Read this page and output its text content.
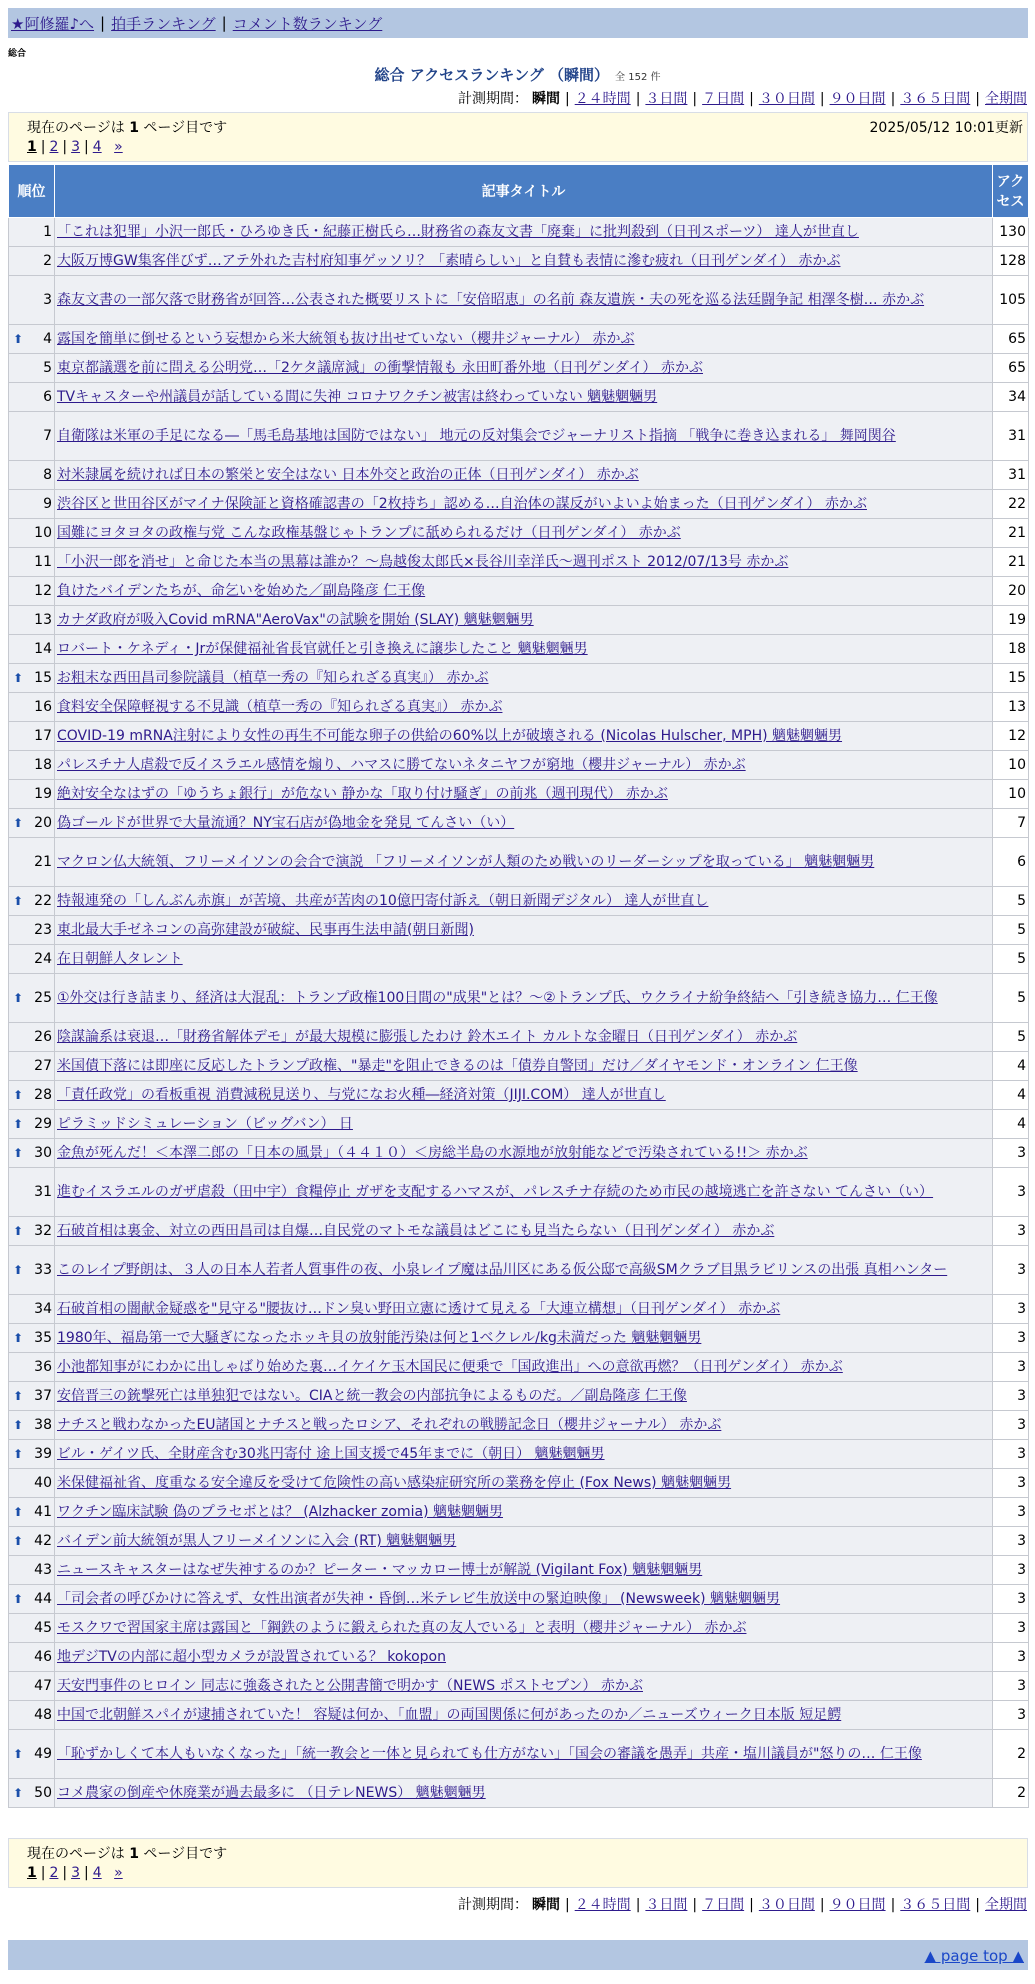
★阿修羅♪へ | 拍手ランキング | コメント数ランキング
総合
総合 アクセスランキング （瞬間） 全 152 件
計測期間： 瞬間 | ２４時間 | ３日間 | ７日間 | ３０日間 | ９０日間 | ３６５日間 | 全期間
現在のページは 1 ページ目です	2025/05/12 10:01更新
1 | 2 | 3 | 4 »
順位	記事タイトル	アクセス
1	「これは犯罪」小沢一郎氏・ひろゆき氏・紀藤正樹氏ら…財務省の森友文書「廃棄」に批判殺到（日刊スポーツ） 達人が世直し	130
2	大阪万博GW集客伴びず…アテ外れた吉村府知事ゲッソリ？「素晴らしい」と自賛も表情に滲む疲れ（日刊ゲンダイ） 赤かぶ	128
3	森友文書の一部欠落で財務省が回答…公表された概要リストに「安倍昭恵」の名前 森友遺族・夫の死を巡る法廷闘争記 相澤冬樹… 赤かぶ	105

⬆ 4	露国を簡単に倒せるという妄想から米大統領も抜け出せていない（櫻井ジャーナル） 赤かぶ	65
5	東京都議選を前に問える公明党…「2ケタ議席減」の衝撃情報も 永田町番外地（日刊ゲンダイ） 赤かぶ	65
6	TVキャスターや州議員が話している間に失神 コロナワクチン被害は終わっていない 魑魅魍魎男	34
7	自衛隊は米軍の手足になる―「馬毛島基地は国防ではない」 地元の反対集会でジャーナリスト指摘 「戦争に巻き込まれる」 舞岡関谷	31
8	対米隷属を続ければ日本の繁栄と安全はない 日本外交と政治の正体（日刊ゲンダイ） 赤かぶ	31
9	渋谷区と世田谷区がマイナ保険証と資格確認書の「2枚持ち」認める…自治体の謀反がいよいよ始まった（日刊ゲンダイ） 赤かぶ	22
10	国難にヨタヨタの政権与党 こんな政権基盤じゃトランプに舐められるだけ（日刊ゲンダイ） 赤かぶ	21
11	「小沢一郎を消せ」と命じた本当の黒幕は誰か？～鳥越俊太郎氏×長谷川幸洋氏～週刊ポスト 2012/07/13号 赤かぶ	21
12	負けたバイデンたちが、命乞いを始めた／副島隆彦 仁王像	20
13	カナダ政府が吸入Covid mRNA"AeroVax"の試験を開始 (SLAY) 魑魅魍魎男	19
14	ロバート・ケネディ・Jrが保健福祉省長官就任と引き換えに譲歩したこと 魑魅魍魎男	18

⬆ 15	お粗末な西田昌司参院議員（植草一秀の『知られざる真実』） 赤かぶ	15
16	食料安全保障軽視する不見識（植草一秀の『知られざる真実』） 赤かぶ	13
17	COVID-19 mRNA注射により女性の再生不可能な卵子の供給の60%以上が破壊される (Nicolas Hulscher, MPH) 魑魅魍魎男	12
18	パレスチナ人虐殺で反イスラエル感情を煽り、ハマスに勝てないネタニヤフが窮地（櫻井ジャーナル） 赤かぶ	10
19	絶対安全なはずの「ゆうちょ銀行」が危ない 静かな「取り付け騒ぎ」の前兆（週刊現代） 赤かぶ	10

⬆ 20	偽ゴールドが世界で大量流通？NY宝石店が偽地金を発見 てんさい（い）	7
21	マクロン仏大統領、フリーメイソンの会合で演説 「フリーメイソンが人類のため戦いのリーダーシップを取っている」 魑魅魍魎男	6

⬆ 22	特報連発の「しんぶん赤旗」が苦境、共産が苦肉の10億円寄付訴え（朝日新聞デジタル） 達人が世直し	5
23	東北最大手ゼネコンの高弥建設が破綻、民事再生法申請(朝日新聞)	5
24	在日朝鮮人タレント	5

⬆ 25	①外交は行き詰まり、経済は大混乱：トランプ政権100日間の"成果"とは？～②トランプ氏、ウクライナ紛争終結へ「引き続き協力… 仁王像	5
26	陰謀論系は衰退…「財務省解体デモ」が最大規模に膨張したわけ 鈴木エイト カルトな金曜日（日刊ゲンダイ） 赤かぶ	5
27	米国債下落には即座に反応したトランプ政権、"暴走"を阻止できるのは「債券自警団」だけ／ダイヤモンド・オンライン 仁王像	4

⬆ 28	「責任政党」の看板重視 消費減税見送り、与党になお火種―経済対策（JIJI.COM） 達人が世直し	4

⬆ 29	ピラミッドシミュレーション（ビッグバン） 日	4

⬆ 30	金魚が死んだ！＜本澤二郎の「日本の風景」（４４１０）＜房総半島の水源地が放射能などで汚染されている!!＞ 赤かぶ	3
31	進むイスラエルのガザ虐殺（田中宇）食糧停止 ガザを支配するハマスが、パレスチナ存続のため市民の越境逃亡を許さない てんさい（い）	3

⬆ 32	石破首相は裏金、対立の西田昌司は自爆…自民党のマトモな議員はどこにも見当たらない（日刊ゲンダイ） 赤かぶ	3

⬆ 33	このレイプ野朗は、３人の日本人若者人質事件の夜、小泉レイプ魔は品川区にある仮公邸で高級SMクラブ目黒ラビリンスの出張 真相ハンター	3
34	石破首相の闇献金疑惑を"見守る"腰抜け…ドン臭い野田立憲に透けて見える「大連立構想」（日刊ゲンダイ） 赤かぶ	3

⬆ 35	1980年、福島第一で大騒ぎになったホッキ貝の放射能汚染は何と1ベクレル/kg未満だった 魑魅魍魎男	3
36	小池都知事がにわかに出しゃばり始めた裏…イケイケ玉木国民に便乗で「国政進出」への意欲再燃？（日刊ゲンダイ） 赤かぶ	3

⬆ 37	安倍晋三の銃撃死亡は単独犯ではない。CIAと統一教会の内部抗争によるものだ。／副島隆彦 仁王像	3

⬆ 38	ナチスと戦わなかったEU諸国とナチスと戦ったロシア、それぞれの戦勝記念日（櫻井ジャーナル） 赤かぶ	3

⬆ 39	ビル・ゲイツ氏、全財産含む30兆円寄付 途上国支援で45年までに（朝日） 魑魅魍魎男	3
40	米保健福祉省、度重なる安全違反を受けて危険性の高い感染症研究所の業務を停止 (Fox News) 魑魅魍魎男	3

⬆ 41	ワクチン臨床試験 偽のプラセボとは？ (Alzhacker zomia) 魑魅魍魎男	3

⬆ 42	バイデン前大統領が黒人フリーメイソンに入会 (RT) 魑魅魍魎男	3
43	ニュースキャスターはなぜ失神するのか？ピーター・マッカロー博士が解説 (Vigilant Fox) 魑魅魍魎男	3

⬆ 44	「司会者の呼びかけに答えず、女性出演者が失神・昏倒…米テレビ生放送中の緊迫映像」 (Newsweek) 魑魅魍魎男	3
45	モスクワで習国家主席は露国と「鋼鉄のように鍛えられた真の友人でいる」と表明（櫻井ジャーナル） 赤かぶ	3
46	地デジTVの内部に超小型カメラが設置されている？ kokopon	3
47	天安門事件のヒロイン 同志に強姦されたと公開書簡で明かす（NEWS ポストセブン） 赤かぶ	3
48	中国で北朝鮮スパイが逮捕されていた！ 容疑は何か、「血盟」の両国関係に何があったのか／ニューズウィーク日本版 短足鰐	3

⬆ 49	「恥ずかしくて本人もいなくなった」「統一教会と一体と見られても仕方がない」「国会の審議を愚弄」共産・塩川議員が"怒りの… 仁王像	2

⬆ 50	コメ農家の倒産や休廃業が過去最多に （日テレNEWS） 魑魅魍魎男	2
現在のページは 1 ページ目です
1 | 2 | 3 | 4 »
計測期間： 瞬間 | ２４時間 | ３日間 | ７日間 | ３０日間 | ９０日間 | ３６５日間 | 全期間
▲ page top ▲
